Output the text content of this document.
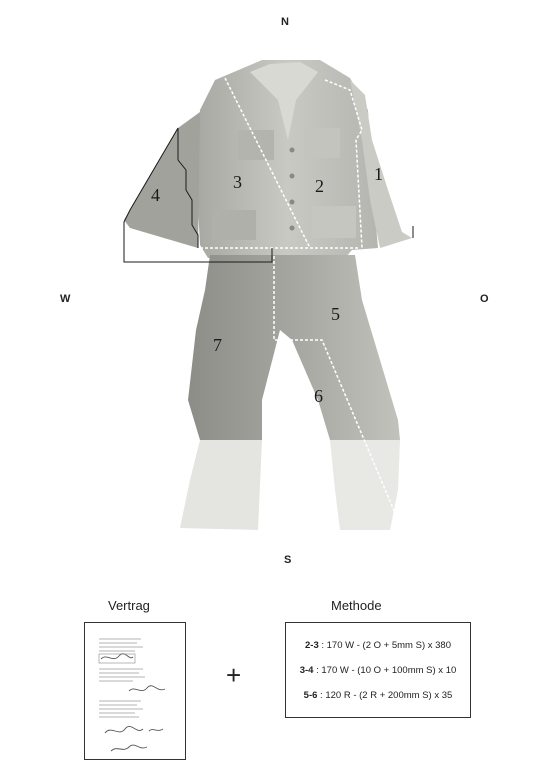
N
W	O
S
1
2
3
4
5
6
7
Vertrag
+
Methode
2-3 : 170 W - (2 O + 5mm S) x 380
3-4 : 170 W - (10 O + 100mm S) x 10
5-6 : 120 R - (2 R + 200mm S) x 35
